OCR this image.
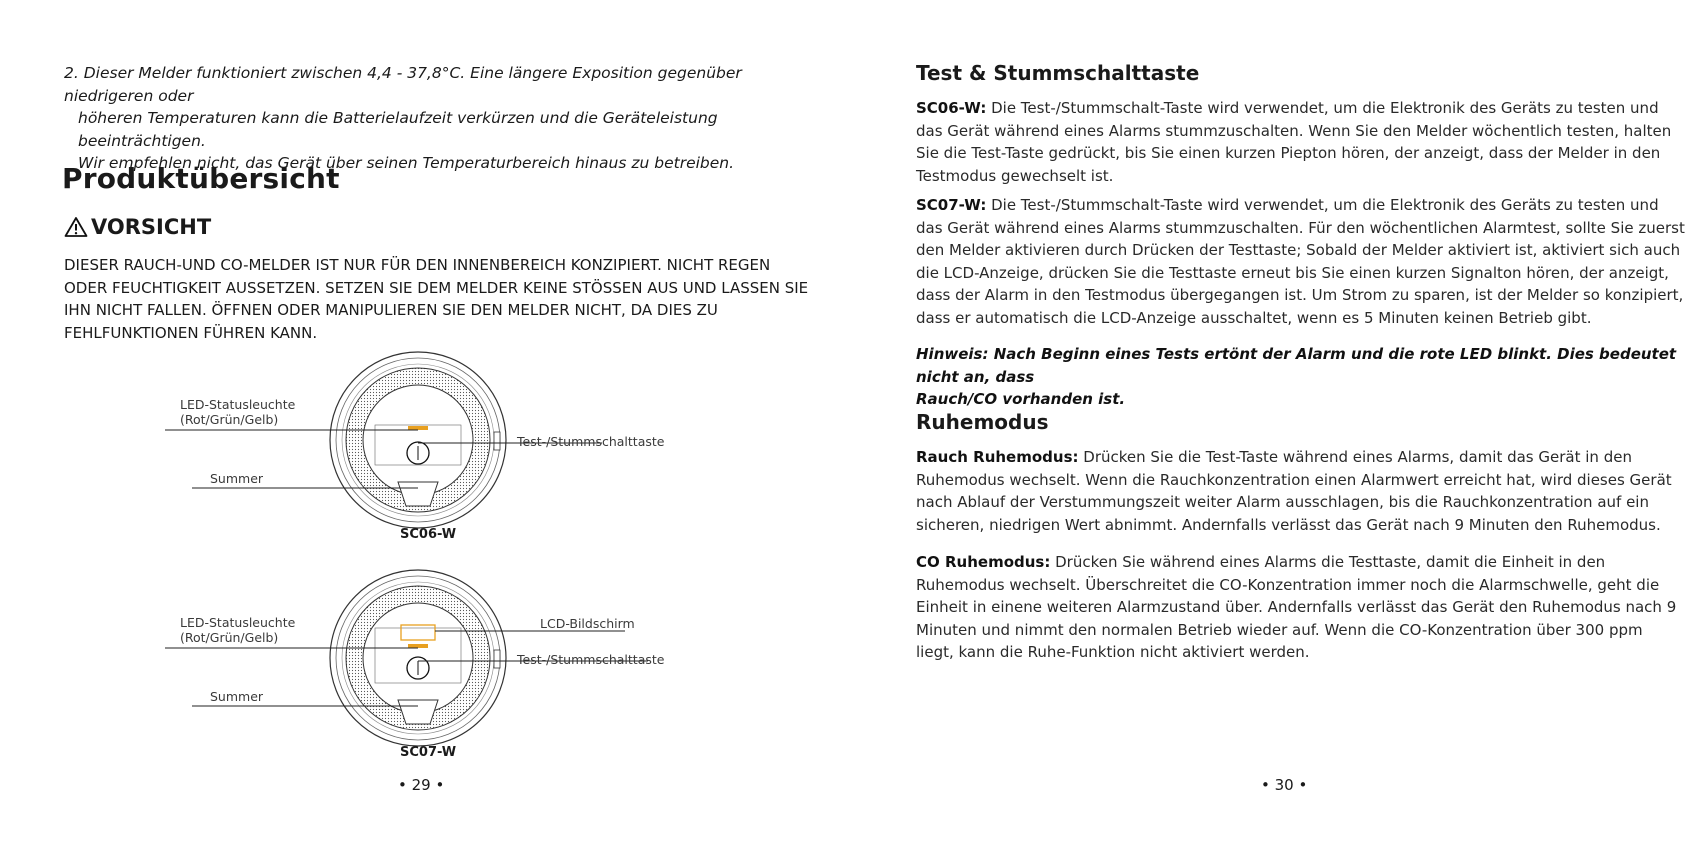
2. Dieser Melder funktioniert zwischen 4,4 - 37,8°C. Eine längere Exposition gegenüber niedrigeren oder
höheren Temperaturen kann die Batterielaufzeit verkürzen und die Geräteleistung beeinträchtigen.
Wir empfehlen nicht, das Gerät über seinen Temperaturbereich hinaus zu betreiben.
Produktübersicht
VORSICHT
DIESER RAUCH-UND CO-MELDER IST NUR FÜR DEN INNENBEREICH KONZIPIERT. NICHT REGEN
ODER FEUCHTIGKEIT AUSSETZEN. SETZEN SIE DEM MELDER KEINE STÖSSEN AUS UND LASSEN SIE
IHN NICHT FALLEN. ÖFFNEN ODER MANIPULIEREN SIE DEN MELDER NICHT, DA DIES ZU
FEHLFUNKTIONEN FÜHREN KANN.
LED-Statusleuchte
(Rot/Grün/Gelb)
Test-/Stummschalttaste
Summer
SC06-W
LED-Statusleuchte
(Rot/Grün/Gelb)
LCD-Bildschirm
Test-/Stummschalttaste
Summer
SC07-W
• 29 •
Test & Stummschalttaste
SC06-W: Die Test-/Stummschalt-Taste wird verwendet, um die Elektronik des Geräts zu testen und
das Gerät während eines Alarms stummzuschalten. Wenn Sie den Melder wöchentlich testen, halten
Sie die Test-Taste gedrückt, bis Sie einen kurzen Piepton hören, der anzeigt, dass der Melder in den
Testmodus gewechselt ist.
SC07-W: Die Test-/Stummschalt-Taste wird verwendet, um die Elektronik des Geräts zu testen und
das Gerät während eines Alarms stummzuschalten. Für den wöchentlichen Alarmtest, sollte Sie zuerst
den Melder aktivieren durch Drücken der Testtaste; Sobald der Melder aktiviert ist, aktiviert sich auch
die LCD-Anzeige, drücken Sie die Testtaste erneut bis Sie einen kurzen Signalton hören, der anzeigt,
dass der Alarm in den Testmodus übergegangen ist. Um Strom zu sparen, ist der Melder so konzipiert,
dass er automatisch die LCD-Anzeige ausschaltet, wenn es 5 Minuten keinen Betrieb gibt.
Hinweis: Nach Beginn eines Tests ertönt der Alarm und die rote LED blinkt. Dies bedeutet nicht an, dass
Rauch/CO vorhanden ist.
Ruhemodus
Rauch Ruhemodus: Drücken Sie die Test-Taste während eines Alarms, damit das Gerät in den
Ruhemodus wechselt. Wenn die Rauchkonzentration einen Alarmwert erreicht hat, wird dieses Gerät
nach Ablauf der Verstummungszeit weiter Alarm ausschlagen, bis die Rauchkonzentration auf ein
sicheren, niedrigen Wert abnimmt. Andernfalls verlässt das Gerät nach 9 Minuten den Ruhemodus.
CO Ruhemodus: Drücken Sie während eines Alarms die Testtaste, damit die Einheit in den
Ruhemodus wechselt. Überschreitet die CO-Konzentration immer noch die Alarmschwelle, geht die
Einheit in einene weiteren Alarmzustand über. Andernfalls verlässt das Gerät den Ruhemodus nach 9
Minuten und nimmt den normalen Betrieb wieder auf. Wenn die CO-Konzentration über 300 ppm
liegt, kann die Ruhe-Funktion nicht aktiviert werden.
• 30 •
